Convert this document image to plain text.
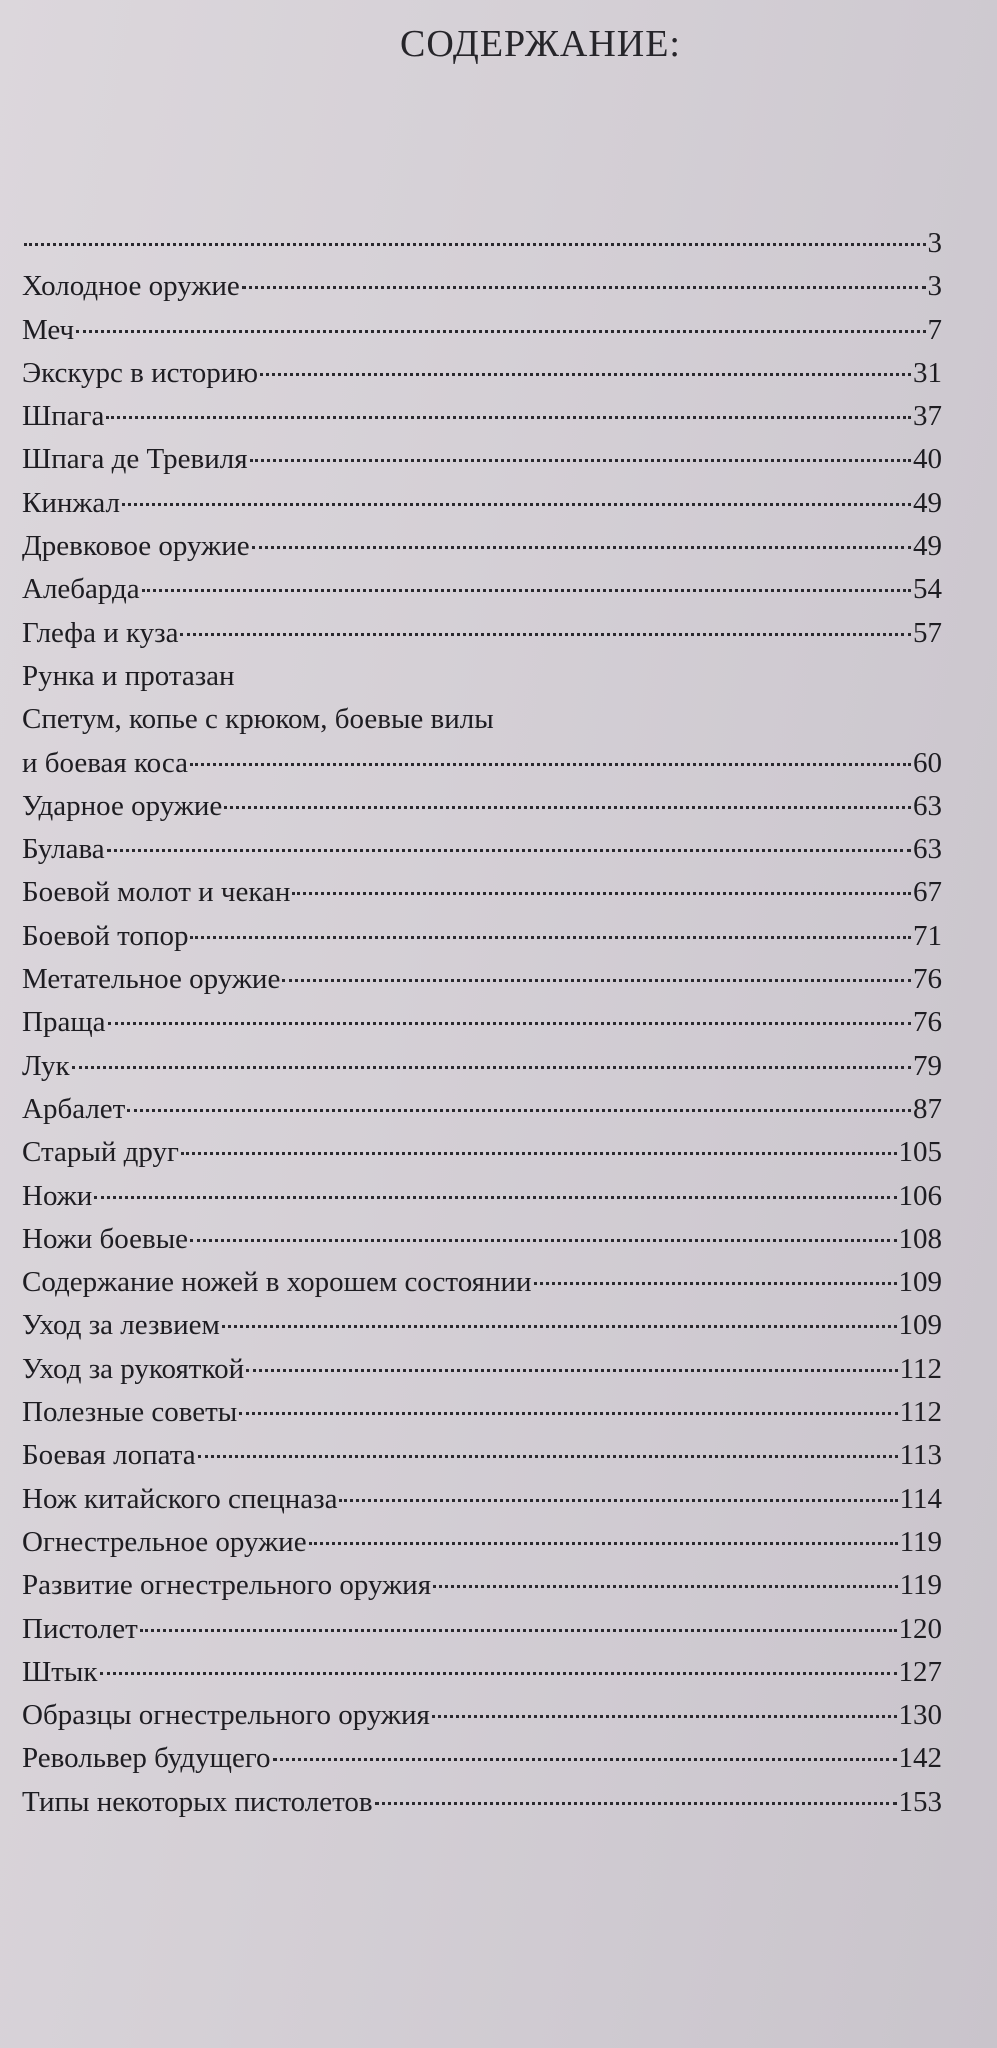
СОДЕРЖАНИЕ:
3
Холодное оружие	3
Меч	7
Экскурс в историю	31
Шпага	37
Шпага де Тревиля	40
Кинжал	49
Древковое оружие	49
Алебарда	54
Глефа и куза	57
Рунка и протазан
Спетум, копье с крюком, боевые вилы
и боевая коса	60
Ударное оружие	63
Булава	63
Боевой молот и чекан	67
Боевой топор	71
Метательное оружие	76
Праща	76
Лук	79
Арбалет	87
Старый друг	105
Ножи	106
Ножи боевые	108
Содержание ножей в хорошем состоянии	109
Уход за лезвием	109
Уход за рукояткой	112
Полезные советы	112
Боевая лопата	113
Нож китайского спецназа	114
Огнестрельное оружие	119
Развитие огнестрельного оружия	119
Пистолет	120
Штык	127
Образцы огнестрельного оружия	130
Револьвер будущего	142
Типы некоторых пистолетов	153
